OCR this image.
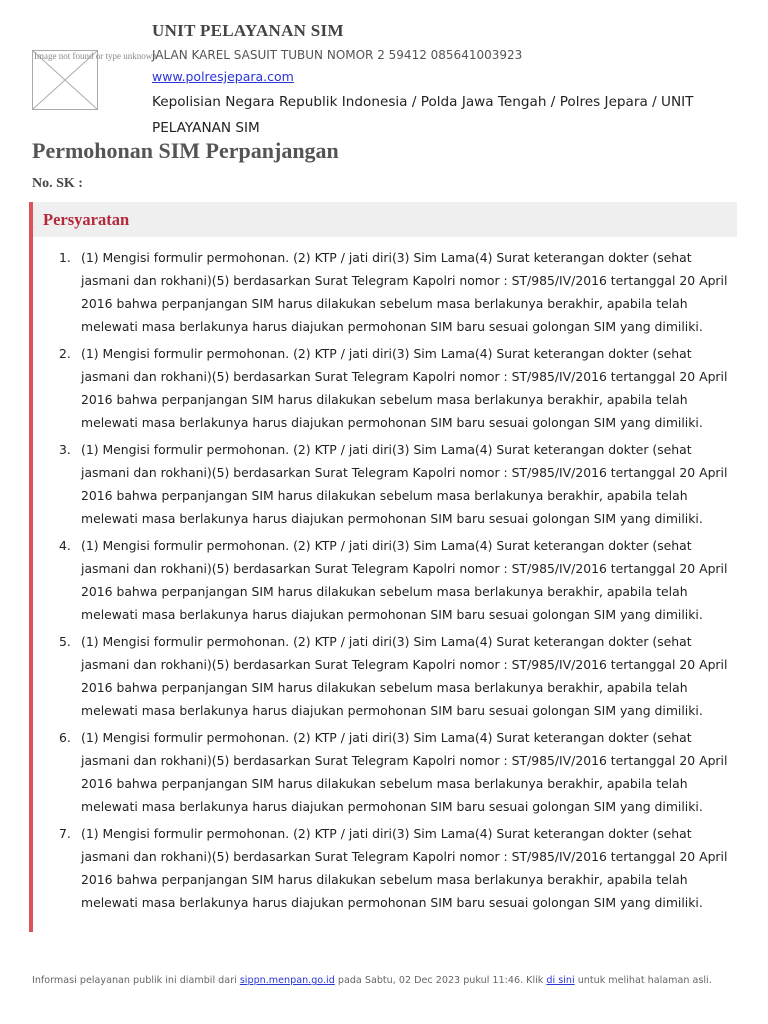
Image not found or type unknown
UNIT PELAYANAN SIM
JALAN KAREL SASUIT TUBUN NOMOR 2 59412 085641003923
www.polresjepara.com
Kepolisian Negara Republik Indonesia / Polda Jawa Tengah / Polres Jepara / UNIT PELAYANAN SIM
Permohonan SIM Perpanjangan
No. SK :
Persyaratan
1. (1) Mengisi formulir permohonan. (2) KTP / jati diri(3) Sim Lama(4) Surat keterangan dokter (sehat jasmani dan rokhani)(5) berdasarkan Surat Telegram Kapolri nomor : ST/985/IV/2016 tertanggal 20 April 2016 bahwa perpanjangan SIM harus dilakukan sebelum masa berlakunya berakhir, apabila telah melewati masa berlakunya harus diajukan permohonan SIM baru sesuai golongan SIM yang dimiliki.

2. (1) Mengisi formulir permohonan. (2) KTP / jati diri(3) Sim Lama(4) Surat keterangan dokter (sehat jasmani dan rokhani)(5) berdasarkan Surat Telegram Kapolri nomor : ST/985/IV/2016 tertanggal 20 April 2016 bahwa perpanjangan SIM harus dilakukan sebelum masa berlakunya berakhir, apabila telah melewati masa berlakunya harus diajukan permohonan SIM baru sesuai golongan SIM yang dimiliki.

3. (1) Mengisi formulir permohonan. (2) KTP / jati diri(3) Sim Lama(4) Surat keterangan dokter (sehat jasmani dan rokhani)(5) berdasarkan Surat Telegram Kapolri nomor : ST/985/IV/2016 tertanggal 20 April 2016 bahwa perpanjangan SIM harus dilakukan sebelum masa berlakunya berakhir, apabila telah melewati masa berlakunya harus diajukan permohonan SIM baru sesuai golongan SIM yang dimiliki.

4. (1) Mengisi formulir permohonan. (2) KTP / jati diri(3) Sim Lama(4) Surat keterangan dokter (sehat jasmani dan rokhani)(5) berdasarkan Surat Telegram Kapolri nomor : ST/985/IV/2016 tertanggal 20 April 2016 bahwa perpanjangan SIM harus dilakukan sebelum masa berlakunya berakhir, apabila telah melewati masa berlakunya harus diajukan permohonan SIM baru sesuai golongan SIM yang dimiliki.

5. (1) Mengisi formulir permohonan. (2) KTP / jati diri(3) Sim Lama(4) Surat keterangan dokter (sehat jasmani dan rokhani)(5) berdasarkan Surat Telegram Kapolri nomor : ST/985/IV/2016 tertanggal 20 April 2016 bahwa perpanjangan SIM harus dilakukan sebelum masa berlakunya berakhir, apabila telah melewati masa berlakunya harus diajukan permohonan SIM baru sesuai golongan SIM yang dimiliki.

6. (1) Mengisi formulir permohonan. (2) KTP / jati diri(3) Sim Lama(4) Surat keterangan dokter (sehat jasmani dan rokhani)(5) berdasarkan Surat Telegram Kapolri nomor : ST/985/IV/2016 tertanggal 20 April 2016 bahwa perpanjangan SIM harus dilakukan sebelum masa berlakunya berakhir, apabila telah melewati masa berlakunya harus diajukan permohonan SIM baru sesuai golongan SIM yang dimiliki.

7. (1) Mengisi formulir permohonan. (2) KTP / jati diri(3) Sim Lama(4) Surat keterangan dokter (sehat jasmani dan rokhani)(5) berdasarkan Surat Telegram Kapolri nomor : ST/985/IV/2016 tertanggal 20 April 2016 bahwa perpanjangan SIM harus dilakukan sebelum masa berlakunya berakhir, apabila telah melewati masa berlakunya harus diajukan permohonan SIM baru sesuai golongan SIM yang dimiliki.

Informasi pelayanan publik ini diambil dari sippn.menpan.go.id pada Sabtu, 02 Dec 2023 pukul 11:46. Klik di sini untuk melihat halaman asli.
